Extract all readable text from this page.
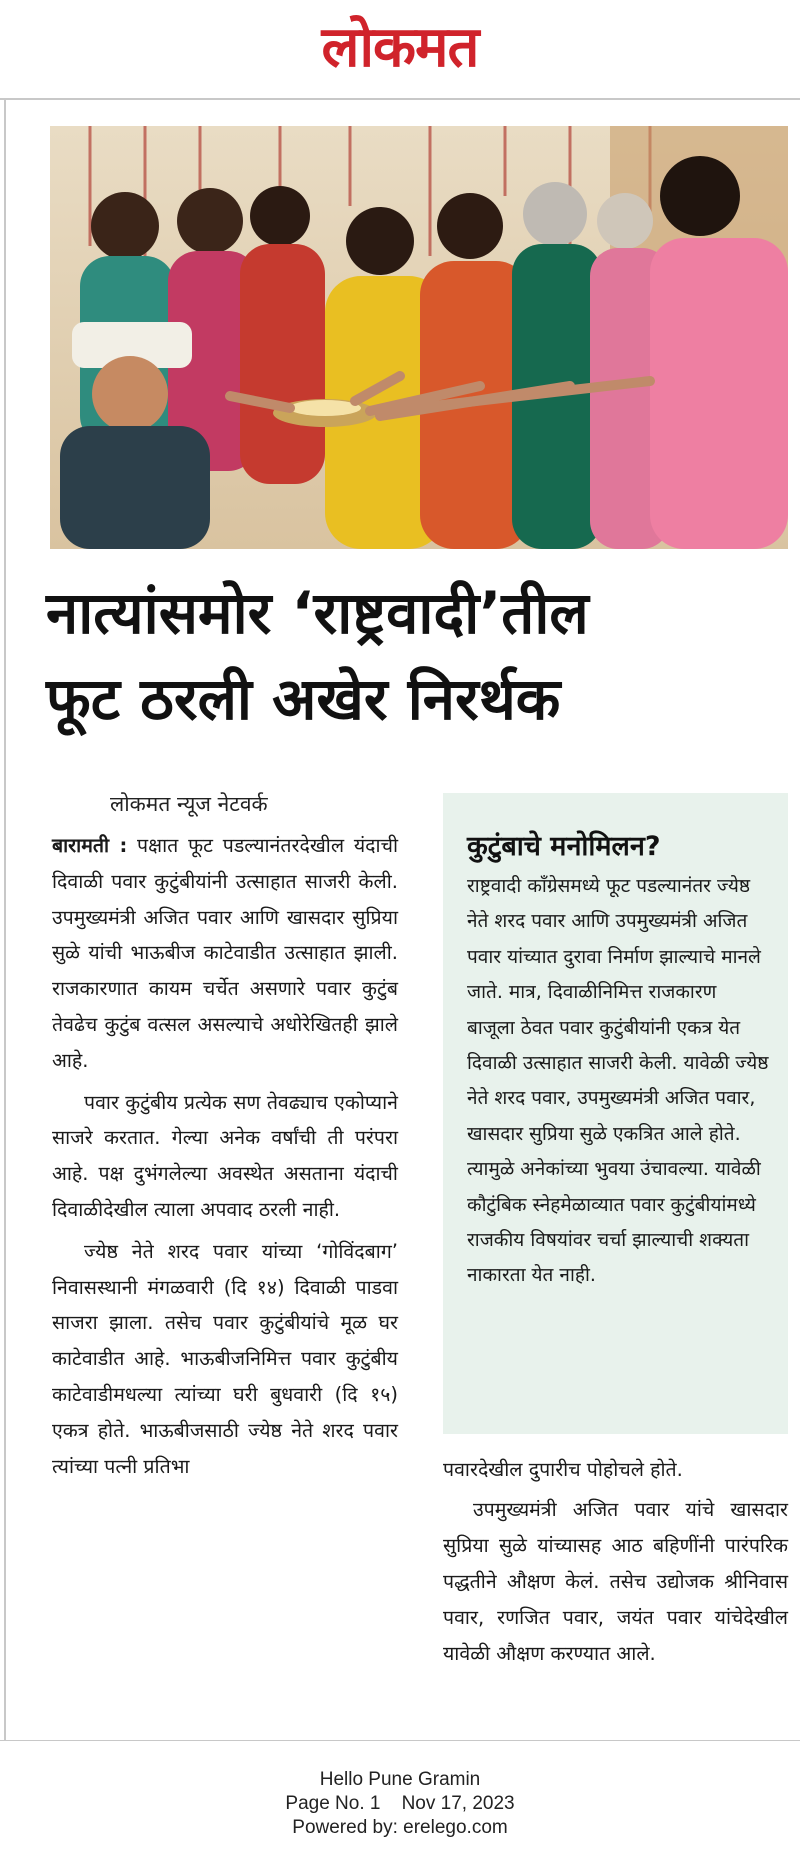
लोकमत
नात्यांसमोर ‘राष्ट्रवादी’तील
फूट ठरली अखेर निरर्थक
लोकमत न्यूज नेटवर्क

बारामती : पक्षात फूट पडल्यानंतरदेखील यंदाची दिवाळी पवार कुटुंबीयांनी उत्साहात साजरी केली. उपमुख्यमंत्री अजित पवार आणि खासदार सुप्रिया सुळे यांची भाऊबीज काटेवाडीत उत्साहात झाली. राजकारणात कायम चर्चेत असणारे पवार कुटुंब तेवढेच कुटुंब वत्सल असल्याचे अधोरेखितही झाले आहे.

पवार कुटुंबीय प्रत्येक सण तेवढ्याच एकोप्याने साजरे करतात. गेल्या अनेक वर्षांची ती परंपरा आहे. पक्ष दुभंगलेल्या अवस्थेत असताना यंदाची दिवाळीदेखील त्याला अपवाद ठरली नाही.

ज्येष्ठ नेते शरद पवार यांच्या ‘गोविंदबाग’ निवासस्थानी मंगळवारी (दि १४) दिवाळी पाडवा साजरा झाला. तसेच पवार कुटुंबीयांचे मूळ घर काटेवाडीत आहे. भाऊबीजनिमित्त पवार कुटुंबीय काटेवाडीमधल्या त्यांच्या घरी बुधवारी (दि १५) एकत्र होते. भाऊबीजसाठी ज्येष्ठ नेते शरद पवार त्यांच्या पत्नी प्रतिभा

कुटुंबाचे मनोमिलन?
राष्ट्रवादी काँग्रेसमध्ये फूट पडल्यानंतर ज्येष्ठ नेते शरद पवार आणि उपमुख्यमंत्री अजित पवार यांच्यात दुरावा निर्माण झाल्याचे मानले जाते. मात्र, दिवाळीनिमित्त राजकारण बाजूला ठेवत पवार कुटुंबीयांनी एकत्र येत दिवाळी उत्साहात साजरी केली. यावेळी ज्येष्ठ नेते शरद पवार, उपमुख्यमंत्री अजित पवार, खासदार सुप्रिया सुळे एकत्रित आले होते. त्यामुळे अनेकांच्या भुवया उंचावल्या. यावेळी कौटुंबिक स्नेहमेळाव्यात पवार कुटुंबीयांमध्ये राजकीय विषयांवर चर्चा झाल्याची शक्यता नाकारता येत नाही.

पवारदेखील दुपारीच पोहोचले होते.

उपमुख्यमंत्री अजित पवार यांचे खासदार सुप्रिया सुळे यांच्यासह आठ बहिणींनी पारंपरिक पद्धतीने औक्षण केलं. तसेच उद्योजक श्रीनिवास पवार, रणजित पवार, जयंत पवार यांचेदेखील यावेळी औक्षण करण्यात आले.

Hello Pune Gramin
Page No. 1    Nov 17, 2023
Powered by: erelego.com
